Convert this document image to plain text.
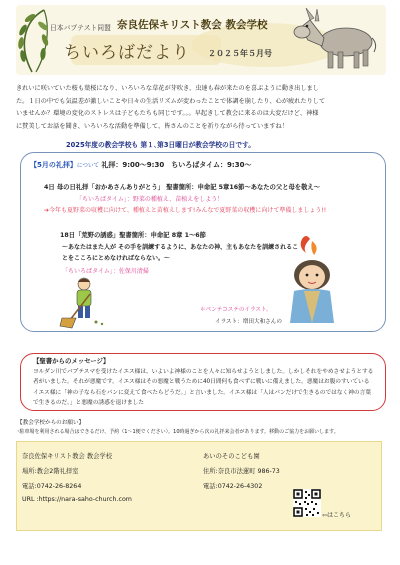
日本バプテスト同盟 奈良佐保キリスト教会 教会学校
ちいろばだより ２０２５年５月号
きれいに咲いていた桜も葉桜になり、いろいろな草花が芽吹き、虫達も春が来たのを喜ぶように動き出しまし
た。１日の中でも気温差が激しいことや日々の生活リズムが変わったことで体調を崩したり、心が疲れたりして
いませんか？環境の変化のストレスは子どもたちも同じです。。。早起きして教会に来るのは大変だけど、神様
に賛美してお話を聞き、いろいろな活動を準備して、皆さんのことを祈りながら待っていますね！
2025年度の教会学校も 第１､第3日曜日が教会学校の日です。
【5月の礼拝】について 礼拝：9:00～9:30　ちいろばタイム：9:30～
4日 母の日礼拝「おかあさんありがとう」 聖書箇所：申命記 5章16節～あなたの父と母を敬え～
「ちいろばタイム」：野菜の種植え、苗植えをしよう！
➔今年も夏野菜の収穫に向けて、種植えと苗植えします!みんなで夏野菜の収穫に向けて準備しましょう!!
18日「荒野の誘惑」聖書箇所：申命記 8章 1～6節
～あなたはまた人が その手を訓練するように、あなたの神、主もあなたを訓練されることをこころにとめなければならない。～
「ちいろばタイム」：佐保川清掃
＊ペンテコステのイラスト。
イラスト：増田大和さんの
【聖書からのメッセージ】
ヨルダン川でバプテスマを受けたイエス様は、いよいよ神様のことを人々に知らせようとしました。しかしそれをやめさせようとする者がいました。それが悪魔です。イエス様はその悪魔と戦うために40日間何も食べずに戦いに備えました。悪魔はお腹のすいているイエス様に「神の子なら石をパンに変えて食べたらどうだ。」と言いました。イエス様は「人はパンだけで生きるのではなく神の言葉で生きるのだ。」と悪魔の誘惑を退けました
【教会学校からのお願い】
･駐車場を利用される場合はできるだけ、予約（1～1便でください）。10時過ぎから次の礼拝来会者があります。移動のご協力をお願いします。
奈良佐保キリスト教会 教会学校
場所:教会2階礼拝室
電話:0742-26-8264
URL :https://nara-saho-church.com
あいのそのこども園
住所:奈良市法蓮町 986-73
電話:0742-26-4302
⇦はこちら
